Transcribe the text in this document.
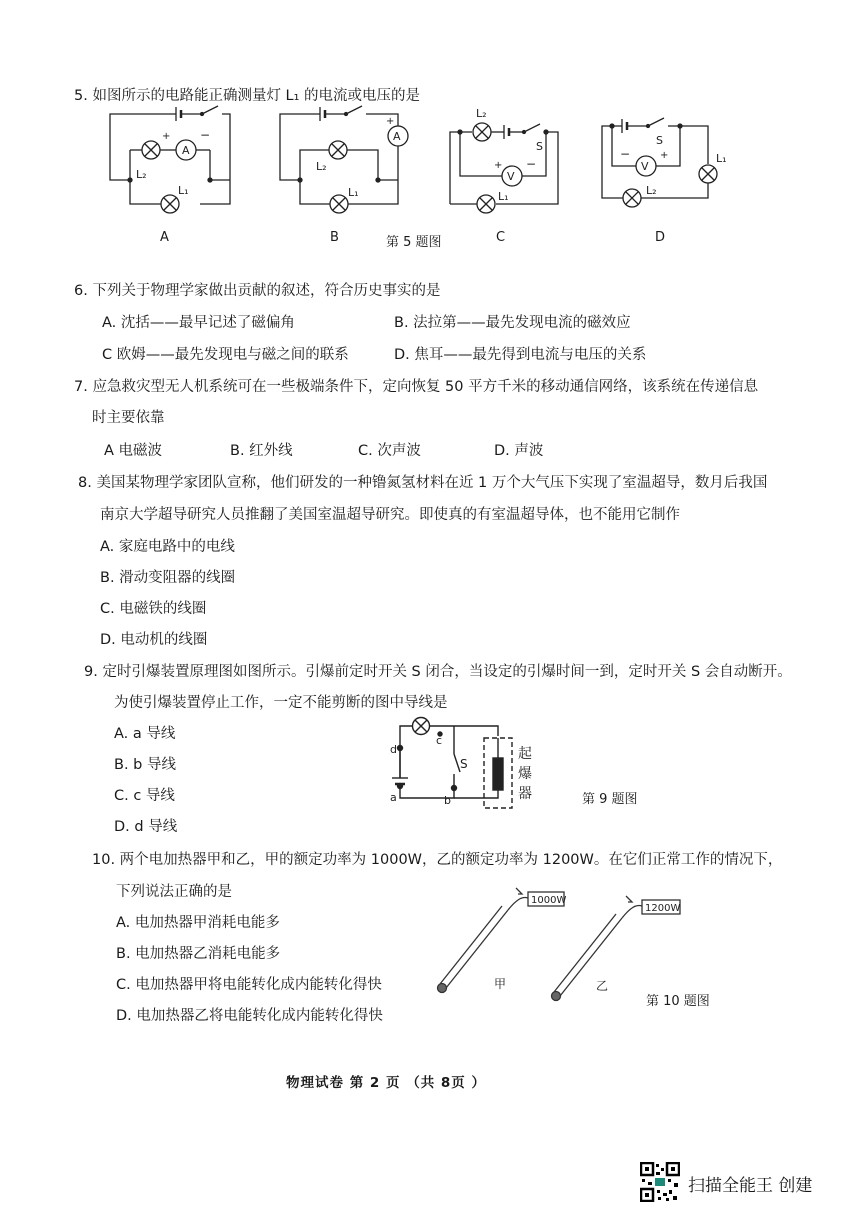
5. 如图所示的电路能正确测量灯 L₁ 的电流或电压的是
A
+ −
L₂
L₁
A
+
L₂
L₁
V
L₂
S
+ −
L₁
V
S
−	+	L₁
L₂
A	B	第 5 题图	C	D
6. 下列关于物理学家做出贡献的叙述，符合历史事实的是
A. 沈括——最早记述了磁偏角	B. 法拉第——最先发现电流的磁效应
C 欧姆——最先发现电与磁之间的联系	D. 焦耳——最先得到电流与电压的关系
7. 应急救灾型无人机系统可在一些极端条件下，定向恢复 50 平方千米的移动通信网络，该系统在传递信息
时主要依靠
A 电磁波	B. 红外线	C. 次声波	D. 声波
8. 美国某物理学家团队宣称，他们研发的一种镥氮氢材料在近 1 万个大气压下实现了室温超导，数月后我国
南京大学超导研究人员推翻了美国室温超导研究。即使真的有室温超导体，也不能用它制作
A. 家庭电路中的电线
B. 滑动变阻器的线圈
C. 电磁铁的线圈
D. 电动机的线圈
9. 定时引爆装置原理图如图所示。引爆前定时开关 S 闭合，当设定的引爆时间一到，定时开关 S 会自动断开。
为使引爆装置停止工作，一定不能剪断的图中导线是
A. a 导线
B. b 导线
C. c 导线
D. d 导线
d
a
c
b
S
起
爆
器	第 9 题图
10. 两个电加热器甲和乙，甲的额定功率为 1000W，乙的额定功率为 1200W。在它们正常工作的情况下，
下列说法正确的是
A. 电加热器甲消耗电能多
B. 电加热器乙消耗电能多
C. 电加热器甲将电能转化成内能转化得快
D. 电加热器乙将电能转化成内能转化得快
1000W
甲
1200W
乙
第 10 题图
物理试卷 第 2 页 （共 8页 ）
扫描全能王 创建
